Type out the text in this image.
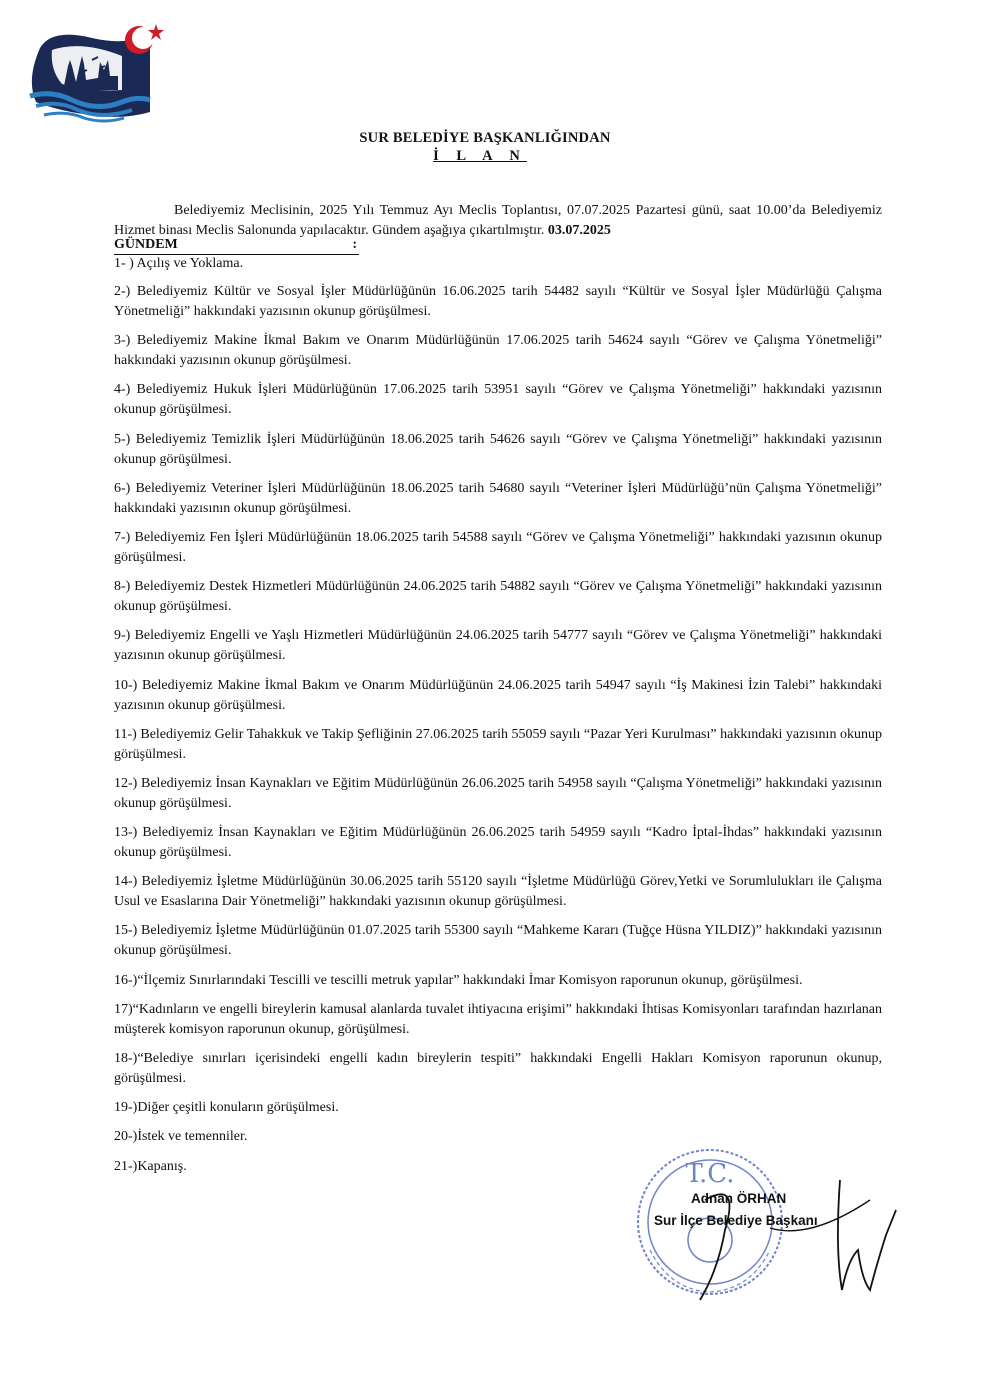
SUR BELEDİYE BAŞKANLIĞINDAN
İ L A N
Belediyemiz Meclisinin, 2025 Yılı Temmuz Ayı Meclis Toplantısı, 07.07.2025 Pazartesi günü, saat 10.00’da Belediyemiz Hizmet binası Meclis Salonunda yapılacaktır. Gündem aşağıya çıkartılmıştır. 03.07.2025
GÜNDEM	:
1- ) Açılış ve Yoklama.
2-) Belediyemiz Kültür ve Sosyal İşler Müdürlüğünün 16.06.2025 tarih 54482 sayılı “Kültür ve Sosyal İşler Müdürlüğü Çalışma Yönetmeliği” hakkındaki yazısının okunup görüşülmesi.
3-) Belediyemiz Makine İkmal Bakım ve Onarım Müdürlüğünün 17.06.2025 tarih 54624 sayılı “Görev ve Çalışma Yönetmeliği” hakkındaki yazısının okunup görüşülmesi.
4-) Belediyemiz Hukuk İşleri Müdürlüğünün 17.06.2025 tarih 53951 sayılı “Görev ve Çalışma Yönetmeliği” hakkındaki yazısının okunup görüşülmesi.
5-) Belediyemiz Temizlik İşleri Müdürlüğünün 18.06.2025 tarih 54626 sayılı “Görev ve Çalışma Yönetmeliği” hakkındaki yazısının okunup görüşülmesi.
6-) Belediyemiz Veteriner İşleri Müdürlüğünün 18.06.2025 tarih 54680 sayılı “Veteriner İşleri Müdürlüğü’nün Çalışma Yönetmeliği” hakkındaki yazısının okunup görüşülmesi.
7-) Belediyemiz Fen İşleri Müdürlüğünün 18.06.2025 tarih 54588 sayılı “Görev ve Çalışma Yönetmeliği” hakkındaki yazısının okunup görüşülmesi.
8-) Belediyemiz Destek Hizmetleri Müdürlüğünün 24.06.2025 tarih 54882 sayılı “Görev ve Çalışma Yönetmeliği” hakkındaki yazısının okunup görüşülmesi.
9-) Belediyemiz Engelli ve Yaşlı Hizmetleri Müdürlüğünün 24.06.2025 tarih 54777 sayılı “Görev ve Çalışma Yönetmeliği” hakkındaki yazısının okunup görüşülmesi.
10-) Belediyemiz Makine İkmal Bakım ve Onarım Müdürlüğünün 24.06.2025 tarih 54947 sayılı “İş Makinesi İzin Talebi” hakkındaki yazısının okunup görüşülmesi.
11-) Belediyemiz Gelir Tahakkuk ve Takip Şefliğinin 27.06.2025 tarih 55059 sayılı “Pazar Yeri Kurulması” hakkındaki yazısının okunup görüşülmesi.
12-) Belediyemiz İnsan Kaynakları ve Eğitim Müdürlüğünün 26.06.2025 tarih 54958 sayılı “Çalışma Yönetmeliği” hakkındaki yazısının okunup görüşülmesi.
13-) Belediyemiz İnsan Kaynakları ve Eğitim Müdürlüğünün 26.06.2025 tarih 54959 sayılı “Kadro İptal-İhdas” hakkındaki yazısının okunup görüşülmesi.
14-) Belediyemiz İşletme Müdürlüğünün 30.06.2025 tarih 55120 sayılı “İşletme Müdürlüğü Görev,Yetki ve Sorumlulukları ile Çalışma Usul ve Esaslarına Dair Yönetmeliği” hakkındaki yazısının okunup görüşülmesi.
15-) Belediyemiz İşletme Müdürlüğünün 01.07.2025 tarih 55300 sayılı “Mahkeme Kararı (Tuğçe Hüsna YILDIZ)” hakkındaki yazısının okunup görüşülmesi.
16-)“İlçemiz Sınırlarındaki Tescilli ve tescilli metruk yapılar” hakkındaki İmar Komisyon raporunun okunup, görüşülmesi.
17)“Kadınların ve engelli bireylerin kamusal alanlarda tuvalet ihtiyacına erişimi” hakkındaki İhtisas Komisyonları tarafından hazırlanan müşterek komisyon raporunun okunup, görüşülmesi.
18-)“Belediye sınırları içerisindeki engelli kadın bireylerin tespiti” hakkındaki Engelli Hakları Komisyon raporunun okunup, görüşülmesi.
19-)Diğer çeşitli konuların görüşülmesi.
20-)İstek ve temenniler.
21-)Kapanış.	T.C.
Adnan ÖRHAN
Sur İlçe Belediye Başkanı
